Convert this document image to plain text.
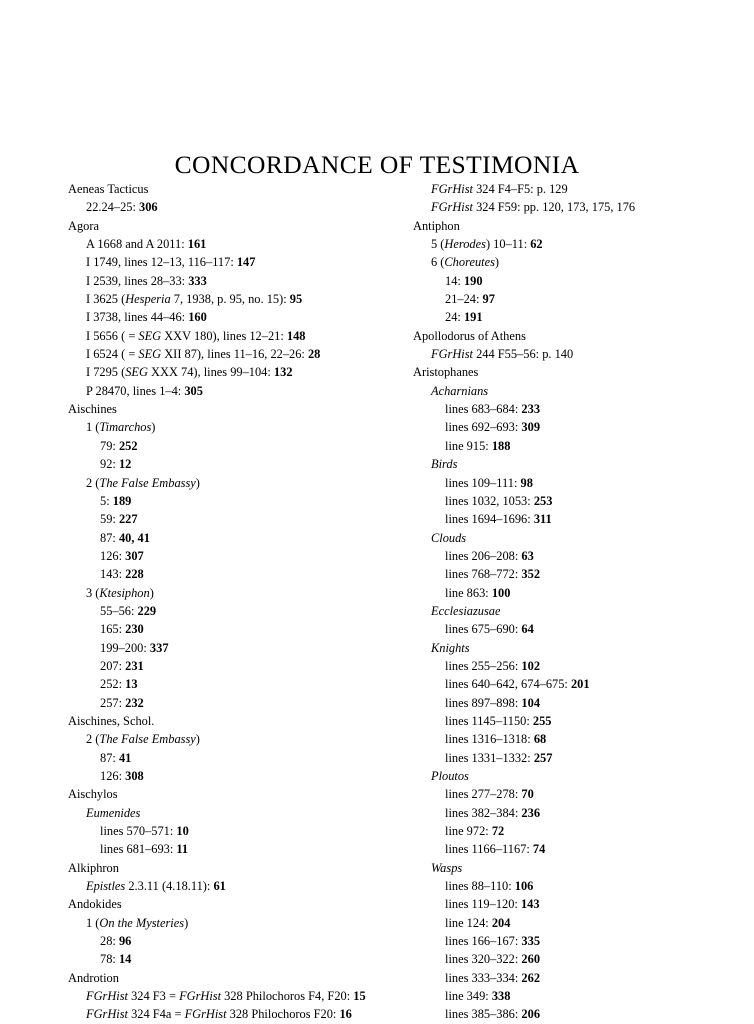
CONCORDANCE OF TESTIMONIA
Aeneas Tacticus
22.24–25: 306
Agora
A 1668 and A 2011: 161
I 1749, lines 12–13, 116–117: 147
I 2539, lines 28–33: 333
I 3625 (Hesperia 7, 1938, p. 95, no. 15): 95
I 3738, lines 44–46: 160
I 5656 ( = SEG XXV 180), lines 12–21: 148
I 6524 ( = SEG XII 87), lines 11–16, 22–26: 28
I 7295 (SEG XXX 74), lines 99–104: 132
P 28470, lines 1–4: 305
Aischines
1 (Timarchos)
79: 252
92: 12
2 (The False Embassy)
5: 189
59: 227
87: 40, 41
126: 307
143: 228
3 (Ktesiphon)
55–56: 229
165: 230
199–200: 337
207: 231
252: 13
257: 232
Aischines, Schol.
2 (The False Embassy)
87: 41
126: 308
Aischylos
Eumenides
lines 570–571: 10
lines 681–693: 11
Alkiphron
Epistles 2.3.11 (4.18.11): 61
Andokides
1 (On the Mysteries)
28: 96
78: 14
Androtion
FGrHist 324 F3 = FGrHist 328 Philochoros F4, F20: 15
FGrHist 324 F4a = FGrHist 328 Philochoros F20: 16
FGrHist 324 F4–F5: p. 129
FGrHist 324 F59: pp. 120, 173, 175, 176
Antiphon
5 (Herodes) 10–11: 62
6 (Choreutes)
14: 190
21–24: 97
24: 191
Apollodorus of Athens
FGrHist 244 F55–56: p. 140
Aristophanes
Acharnians
lines 683–684: 233
lines 692–693: 309
line 915: 188
Birds
lines 109–111: 98
lines 1032, 1053: 253
lines 1694–1696: 311
Clouds
lines 206–208: 63
lines 768–772: 352
line 863: 100
Ecclesiazusae
lines 675–690: 64
Knights
lines 255–256: 102
lines 640–642, 674–675: 201
lines 897–898: 104
lines 1145–1150: 255
lines 1316–1318: 68
lines 1331–1332: 257
Ploutos
lines 277–278: 70
lines 382–384: 236
line 972: 72
lines 1166–1167: 74
Wasps
lines 88–110: 106
lines 119–120: 143
line 124: 204
lines 166–167: 335
lines 320–322: 260
lines 333–334: 262
line 349: 338
lines 385–386: 206
